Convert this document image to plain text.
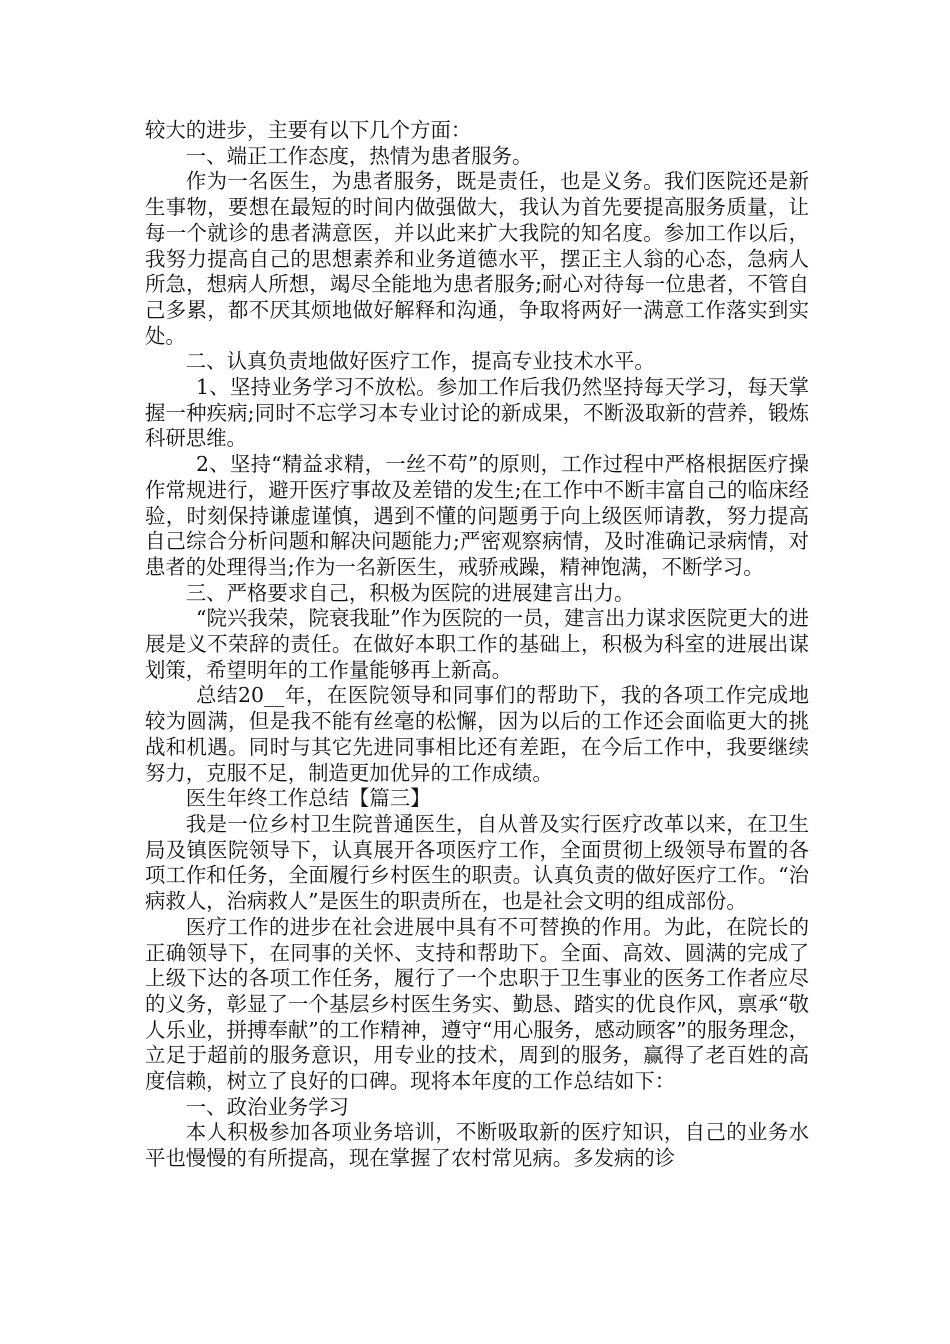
较大的进步，主要有以下几个方面：

一、端正工作态度，热情为患者服务。

作为一名医生，为患者服务，既是责任，也是义务。我们医院还是新生事物，要想在最短的时间内做强做大，我认为首先要提高服务质量，让每一个就诊的患者满意医，并以此来扩大我院的知名度。参加工作以后，我努力提高自己的思想素养和业务道德水平，摆正主人翁的心态，急病人所急，想病人所想，竭尽全能地为患者服务;耐心对待每一位患者，不管自己多累，都不厌其烦地做好解释和沟通，争取将两好一满意工作落实到实处。

二、认真负责地做好医疗工作，提高专业技术水平。

1、坚持业务学习不放松。参加工作后我仍然坚持每天学习，每天掌握一种疾病;同时不忘学习本专业讨论的新成果，不断汲取新的营养，锻炼科研思维。

2、坚持“精益求精，一丝不苟”的原则，工作过程中严格根据医疗操作常规进行，避开医疗事故及差错的发生;在工作中不断丰富自己的临床经验，时刻保持谦虚谨慎，遇到不懂的问题勇于向上级医师请教，努力提高自己综合分析问题和解决问题能力;严密观察病情，及时准确记录病情，对患者的处理得当;作为一名新医生，戒骄戒躁，精神饱满，不断学习。

三、严格要求自己，积极为医院的进展建言出力。

“院兴我荣，院衰我耻”作为医院的一员，建言出力谋求医院更大的进展是义不荣辞的责任。在做好本职工作的基础上，积极为科室的进展出谋划策，希望明年的工作量能够再上新高。

总结20__年，在医院领导和同事们的帮助下，我的各项工作完成地较为圆满，但是我不能有丝毫的松懈，因为以后的工作还会面临更大的挑战和机遇。同时与其它先进同事相比还有差距，在今后工作中，我要继续努力，克服不足，制造更加优异的工作成绩。

医生年终工作总结【篇三】

我是一位乡村卫生院普通医生，自从普及实行医疗改革以来，在卫生局及镇医院领导下，认真展开各项医疗工作，全面贯彻上级领导布置的各项工作和任务，全面履行乡村医生的职责。认真负责的做好医疗工作。“治病救人，治病救人”是医生的职责所在，也是社会文明的组成部份。

医疗工作的进步在社会进展中具有不可替换的作用。为此，在院长的正确领导下，在同事的关怀、支持和帮助下。全面、高效、圆满的完成了上级下达的各项工作任务，履行了一个忠职于卫生事业的医务工作者应尽的义务，彰显了一个基层乡村医生务实、勤恳、踏实的优良作风，禀承“敬人乐业，拼搏奉献”的工作精神，遵守“用心服务，感动顾客”的服务理念，立足于超前的服务意识，用专业的技术，周到的服务，赢得了老百姓的高度信赖，树立了良好的口碑。现将本年度的工作总结如下：

一、政治业务学习

本人积极参加各项业务培训，不断吸取新的医疗知识，自己的业务水平也慢慢的有所提高，现在掌握了农村常见病。多发病的诊
